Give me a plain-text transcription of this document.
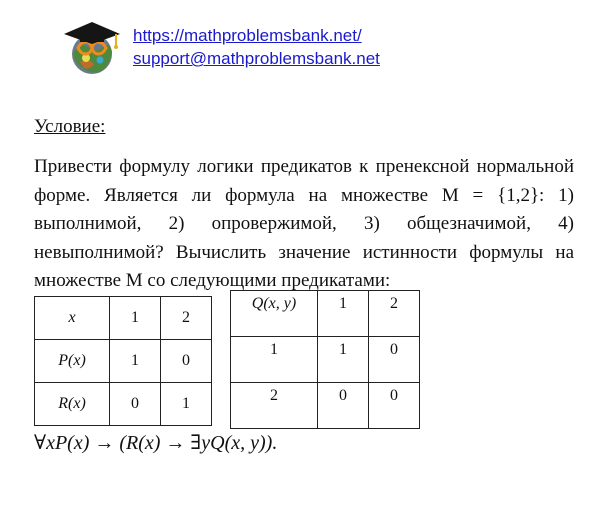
https://mathproblemsbank.net/
support@mathproblemsbank.net
Условие:

Привести формулу логики предикатов к пренексной нормальной форме. Является ли формула на множестве M = {1,2}: 1) выполнимой, 2) опровержимой, 3) общезначимой, 4) невыполнимой? Вычислить значение истинности формулы на множестве M со следующими предикатами:

x	1	2
P(x)	1	0
R(x)	0	1
Q(x, y)	1	2
1	1	0
2	0	0
∀xP(x) → (R(x) → ∃yQ(x, y)).
